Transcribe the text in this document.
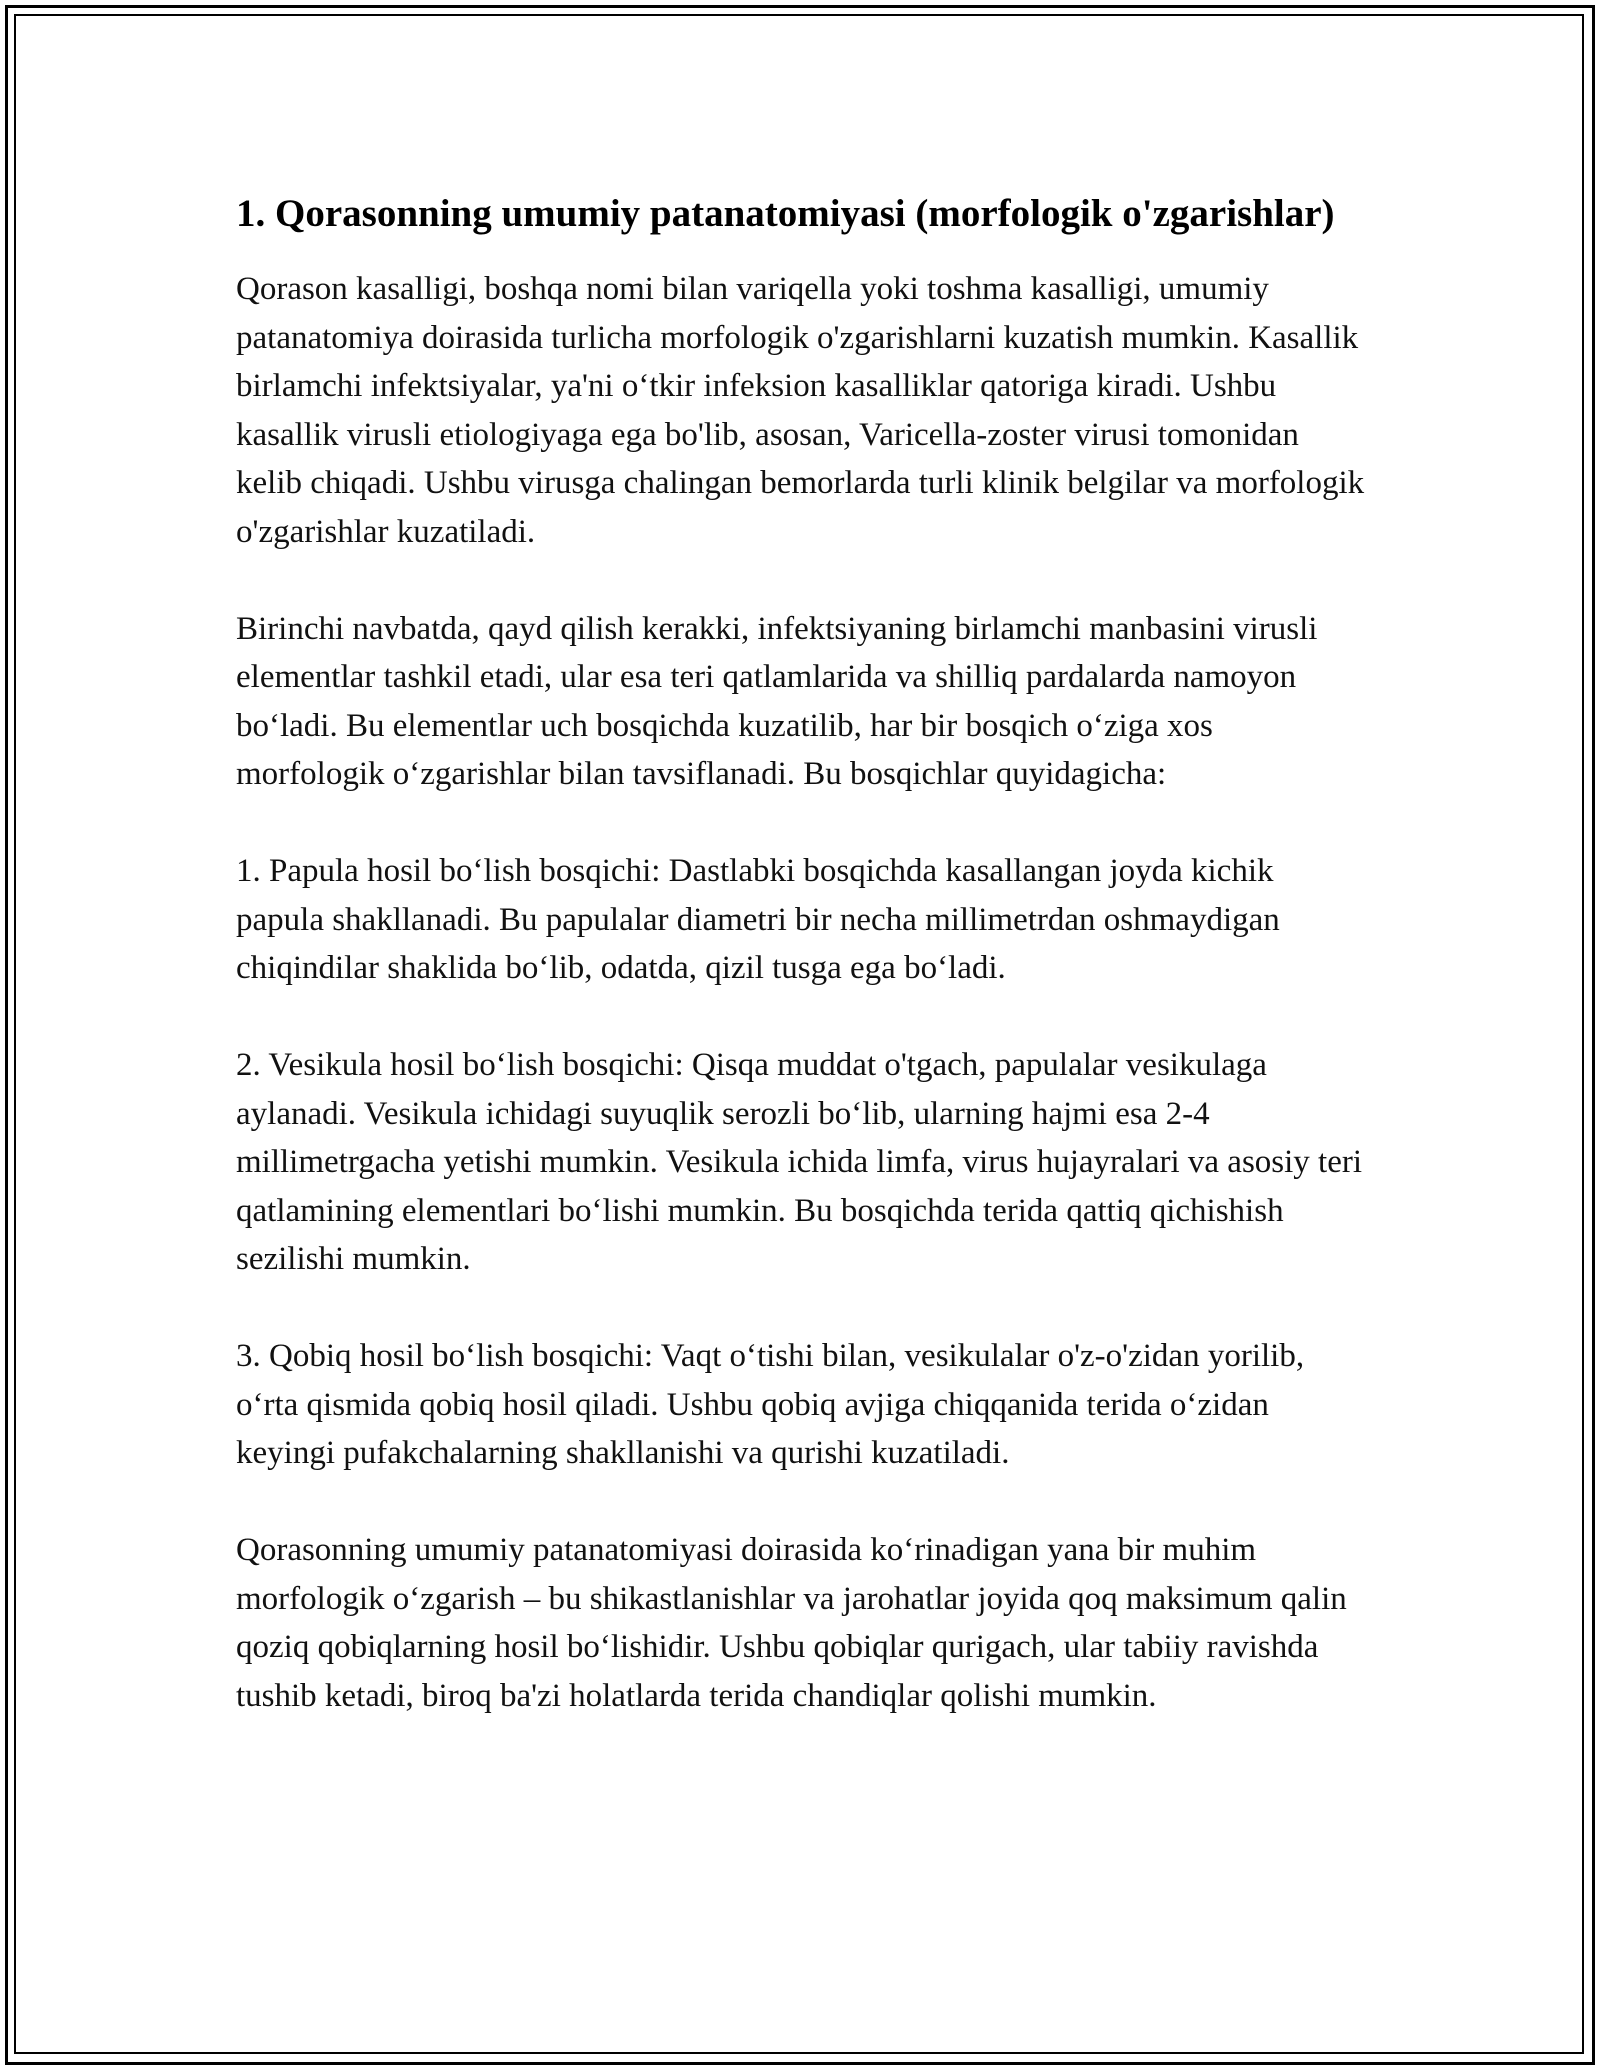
1. Qorasonning umumiy patanatomiyasi (morfologik o'zgarishlar)

Qorason kasalligi, boshqa nomi bilan variqella yoki toshma kasalligi, umumiy patanatomiya doirasida turlicha morfologik o'zgarishlarni kuzatish mumkin. Kasallik birlamchi infektsiyalar, ya'ni o‘tkir infeksion kasalliklar qatoriga kiradi. Ushbu kasallik virusli etiologiyaga ega bo'lib, asosan, Varicella-zoster virusi tomonidan kelib chiqadi. Ushbu virusga chalingan bemorlarda turli klinik belgilar va morfologik o'zgarishlar kuzatiladi.

Birinchi navbatda, qayd qilish kerakki, infektsiyaning birlamchi manbasini virusli elementlar tashkil etadi, ular esa teri qatlamlarida va shilliq pardalarda namoyon bo‘ladi. Bu elementlar uch bosqichda kuzatilib, har bir bosqich o‘ziga xos morfologik o‘zgarishlar bilan tavsiflanadi. Bu bosqichlar quyidagicha:

1. Papula hosil bo‘lish bosqichi: Dastlabki bosqichda kasallangan joyda kichik papula shakllanadi. Bu papulalar diametri bir necha millimetrdan oshmaydigan chiqindilar shaklida bo‘lib, odatda, qizil tusga ega bo‘ladi.

2. Vesikula hosil bo‘lish bosqichi: Qisqa muddat o'tgach, papulalar vesikulaga aylanadi. Vesikula ichidagi suyuqlik serozli bo‘lib, ularning hajmi esa 2-4 millimetrgacha yetishi mumkin. Vesikula ichida limfa, virus hujayralari va asosiy teri qatlamining elementlari bo‘lishi mumkin. Bu bosqichda terida qattiq qichishish sezilishi mumkin.

3. Qobiq hosil bo‘lish bosqichi: Vaqt o‘tishi bilan, vesikulalar o'z-o'zidan yorilib, o‘rta qismida qobiq hosil qiladi. Ushbu qobiq avjiga chiqqanida terida o‘zidan keyingi pufakchalarning shakllanishi va qurishi kuzatiladi.

Qorasonning umumiy patanatomiyasi doirasida ko‘rinadigan yana bir muhim morfologik o‘zgarish – bu shikastlanishlar va jarohatlar joyida qoq maksimum qalin qoziq qobiqlarning hosil bo‘lishidir. Ushbu qobiqlar qurigach, ular tabiiy ravishda tushib ketadi, biroq ba'zi holatlarda terida chandiqlar qolishi mumkin.
